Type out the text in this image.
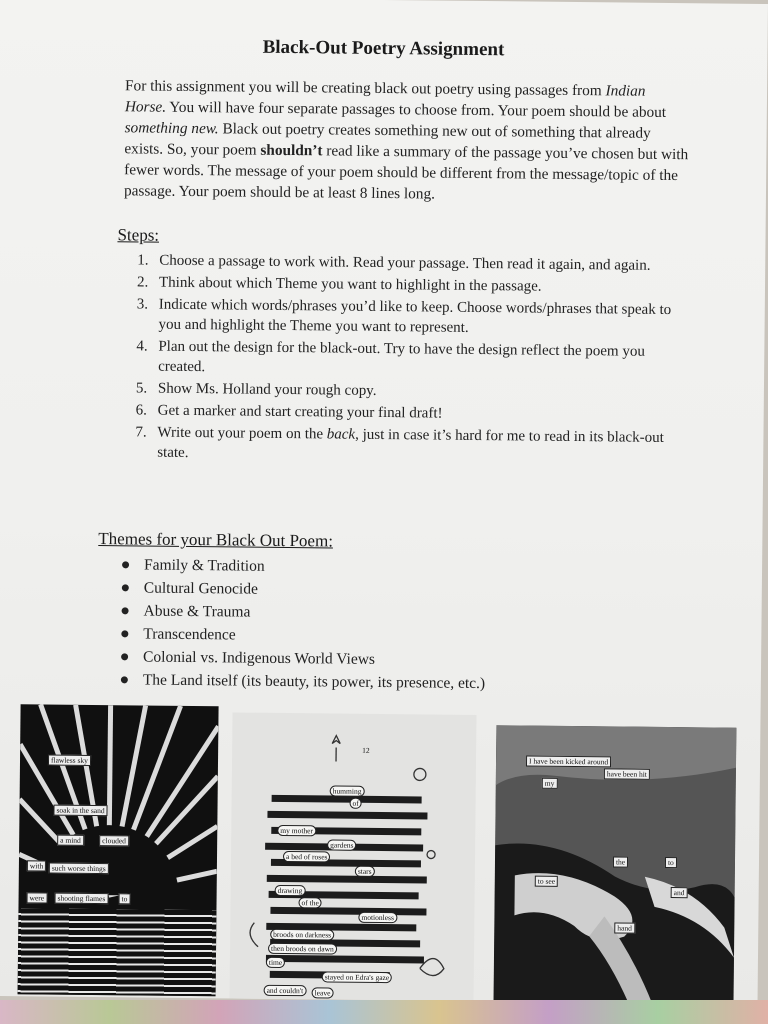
Black-Out Poetry Assignment

For this assignment you will be creating black out poetry using passages from Indian Horse. You will have four separate passages to choose from. Your poem should be about something new. Black out poetry creates something new out of something that already exists. So, your poem shouldn’t read like a summary of the passage you’ve chosen but with fewer words. The message of your poem should be different from the message/topic of the passage. Your poem should be at least 8 lines long.

Steps:
1. Choose a passage to work with. Read your passage. Then read it again, and again.
2. Think about which Theme you want to highlight in the passage.
3. Indicate which words/phrases you’d like to keep. Choose words/phrases that speak to you and highlight the Theme you want to represent.
4. Plan out the design for the black-out. Try to have the design reflect the poem you created.
5. Show Ms. Holland your rough copy.
6. Get a marker and start creating your final draft!
7. Write out your poem on the back, just in case it’s hard for me to read in its black-out state.
Themes for your Black Out Poem:
Family & Tradition
Cultural Genocide
Abuse & Trauma
Transcendence
Colonial vs. Indigenous World Views
The Land itself (its beauty, its power, its presence, etc.)
flawless sky
soak in the sand
a mind	clouded
with	such worse things
shooting flames
were	to
12
humming
of
my mother
gardens
a bed of roses
stars
drawing
of the
motionless
broods on darkness
then broods on dawn
time
stayed on Edra's gaze
and couldn't	leave
I have been kicked around
have been hit
my
to see
the	to
and
hand
